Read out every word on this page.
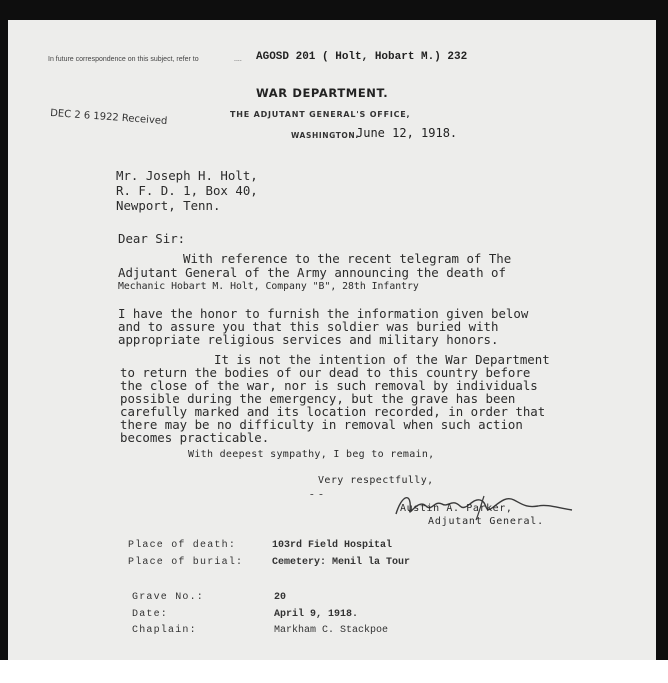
In future correspondence on this subject, refer to	.... AGOSD 201 ( Holt, Hobart M.) 232
DEC 2 6 1922 Received
WAR DEPARTMENT.
THE ADJUTANT GENERAL'S OFFICE,
WASHINGTON.
June 12, 1918.
Mr. Joseph H. Holt,
R. F. D. 1, Box 40,
Newport, Tenn.
Dear Sir:
With reference to the recent telegram of The
Adjutant General of the Army announcing the death of
Mechanic Hobart M. Holt, Company "B", 28th Infantry
I have the honor to furnish the information given below
and to assure you that this soldier was buried with
appropriate religious services and military honors.
It is not the intention of the War Department
to return the bodies of our dead to this country before
the close of the war, nor is such removal by individuals
possible during the emergency, but the grave has been
carefully marked and its location recorded, in order that
there may be no difficulty in removal when such action
becomes practicable.
With deepest sympathy, I beg to remain,
Very respectfully,
-  -
Austin A. Parker,
Adjutant General.
Place of death:	103rd Field Hospital
Place of burial:	Cemetery: Menil la Tour
Grave No.:	20
Date:	April 9, 1918.
Chaplain:	Markham C. Stackpoe
